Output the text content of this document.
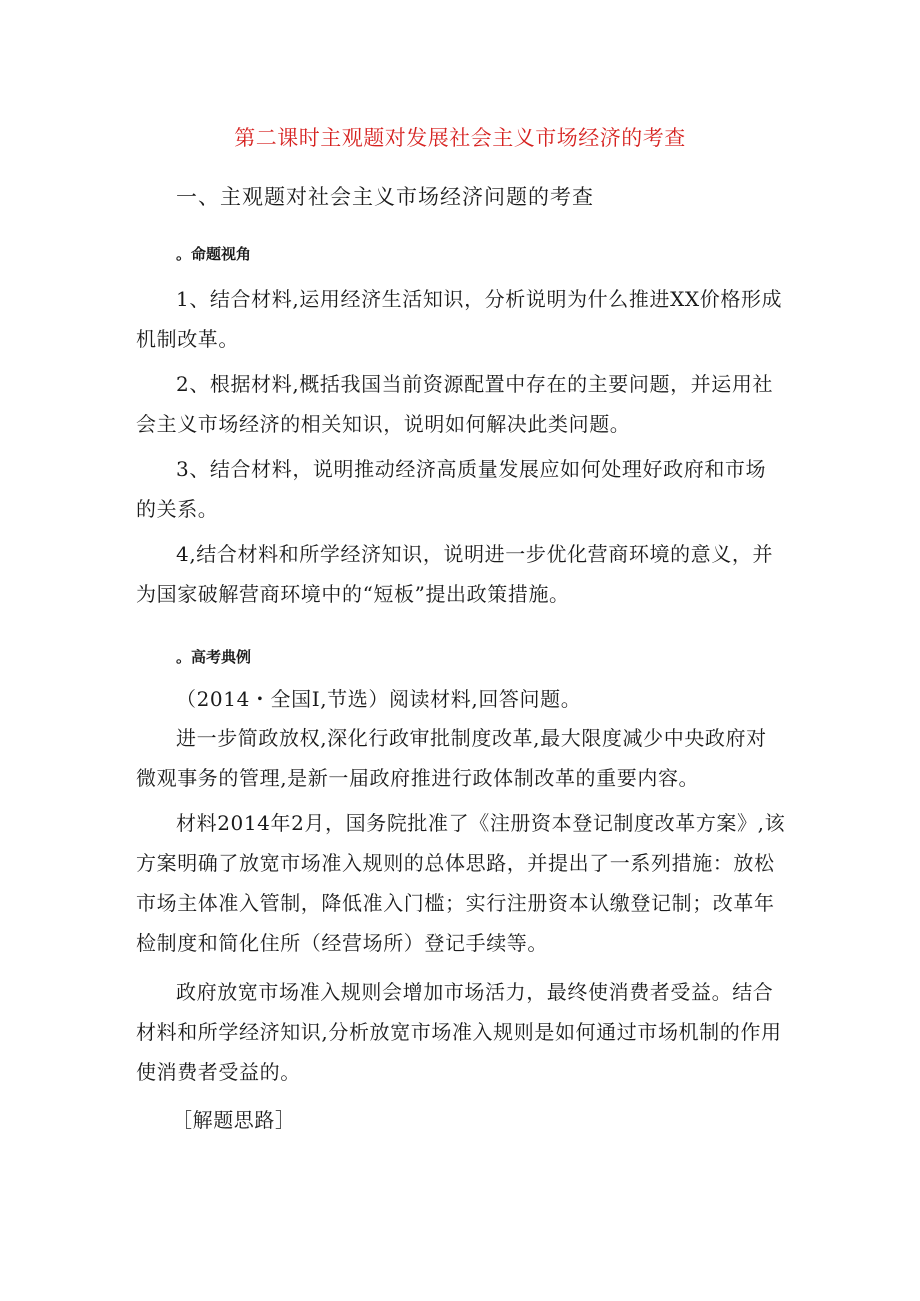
第二课时主观题对发展社会主义市场经济的考查
一、主观题对社会主义市场经济问题的考查
。命题视角

1、结合材料,运用经济生活知识，分析说明为什么推进XX价格形成机制改革。

2、根据材料,概括我国当前资源配置中存在的主要问题，并运用社会主义市场经济的相关知识，说明如何解决此类问题。

3、结合材料，说明推动经济高质量发展应如何处理好政府和市场的关系。

4,结合材料和所学经济知识，说明进一步优化营商环境的意义，并为国家破解营商环境中的“短板”提出政策措施。

。高考典例
（2014・全国I,节选）阅读材料,回答问题。

进一步简政放权,深化行政审批制度改革,最大限度减少中央政府对微观事务的管理,是新一届政府推进行政体制改革的重要内容。

材料2014年2月，国务院批准了《注册资本登记制度改革方案》,该方案明确了放宽市场准入规则的总体思路，并提出了一系列措施：放松市场主体准入管制，降低准入门槛；实行注册资本认缴登记制；改革年检制度和简化住所（经营场所）登记手续等。

政府放宽市场准入规则会增加市场活力，最终使消费者受益。结合材料和所学经济知识,分析放宽市场准入规则是如何通过市场机制的作用使消费者受益的。

［解题思路］
